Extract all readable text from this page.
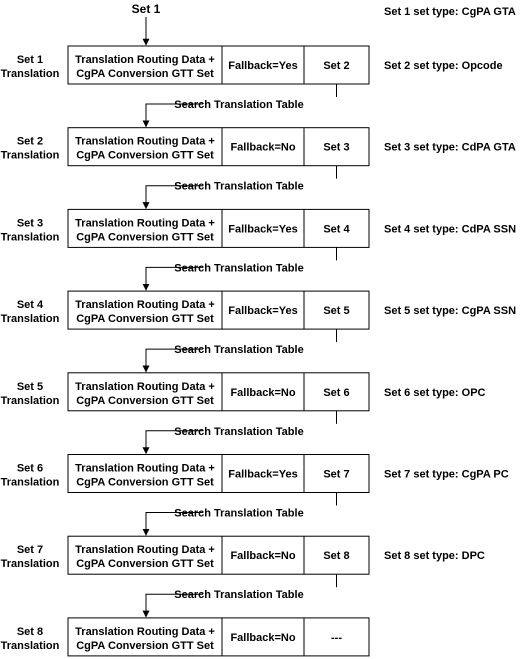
Set 1
Set 1
Translation
Translation Routing Data +
CgPA Conversion GTT Set
Fallback=Yes Set 2
Set 1 set type: CgPA GTA
Search Translation Table
Set 2
Translation
Translation Routing Data +
CgPA Conversion GTT Set
Fallback=No	Set 3
Set 2 set type: Opcode
Search Translation Table
Set 3
Translation
Translation Routing Data +
CgPA Conversion GTT Set
Fallback=Yes Set 4
Set 3 set type: CdPA GTA
Search Translation Table
Set 4
Translation
Translation Routing Data +
CgPA Conversion GTT Set
Fallback=Yes Set 5
Set 4 set type: CdPA SSN
Search Translation Table
Set 5
Translation
Translation Routing Data +
CgPA Conversion GTT Set
Fallback=No	Set 6
Set 5 set type: CgPA SSN
Search Translation Table
Set 6
Translation
Translation Routing Data +
CgPA Conversion GTT Set
Fallback=Yes Set 7
Set 6 set type: OPC
Search Translation Table
Set 7
Translation
Translation Routing Data +
CgPA Conversion GTT Set
Fallback=No	Set 8
Set 7 set type: CgPA PC
Search Translation Table
Set 8
Translation
Translation Routing Data +
CgPA Conversion GTT Set
Fallback=No	---
Set 8 set type: DPC
